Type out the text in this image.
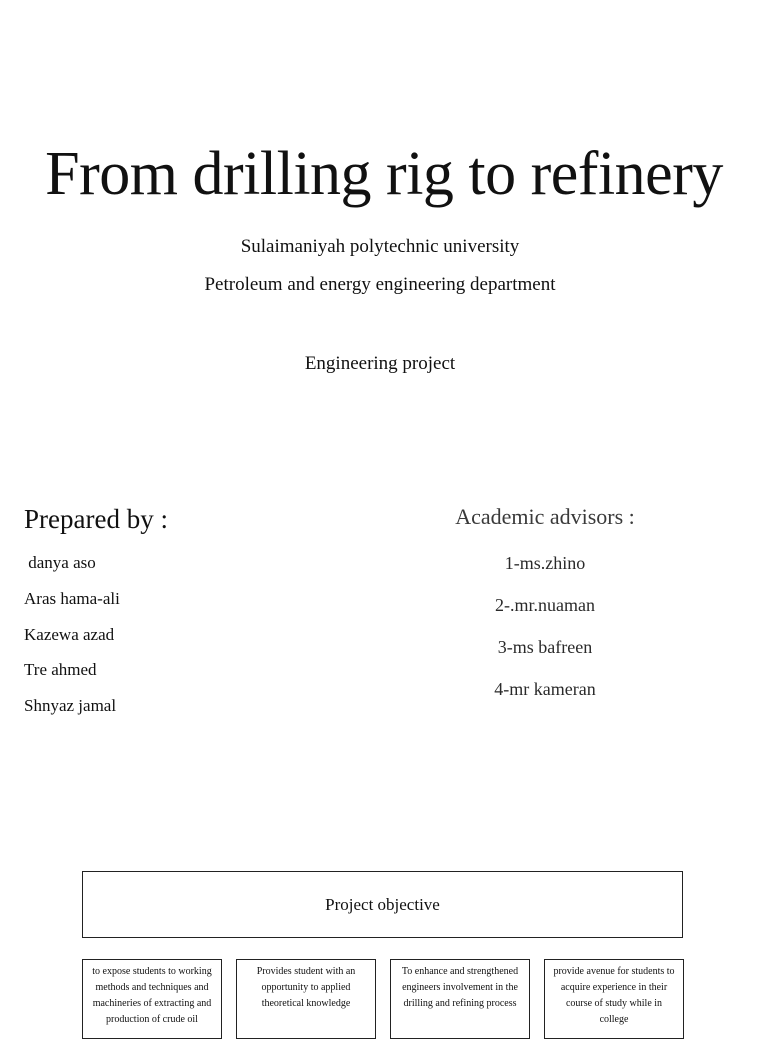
From drilling rig to refinery
Sulaimaniyah polytechnic university
Petroleum and energy engineering department
Engineering project
Prepared by :
danya aso
Aras hama-ali
Kazewa azad
Tre ahmed
Shnyaz jamal
Academic advisors :
1-ms.zhino
2-.mr.nuaman
3-ms bafreen
4-mr kameran
Project objective
to expose students to working methods and techniques and machineries of extracting and production of crude oil
Provides student with an opportunity to applied theoretical knowledge
To enhance and strengthened engineers involvement in the drilling and refining process
provide avenue for students to acquire experience in their course of study while in college
